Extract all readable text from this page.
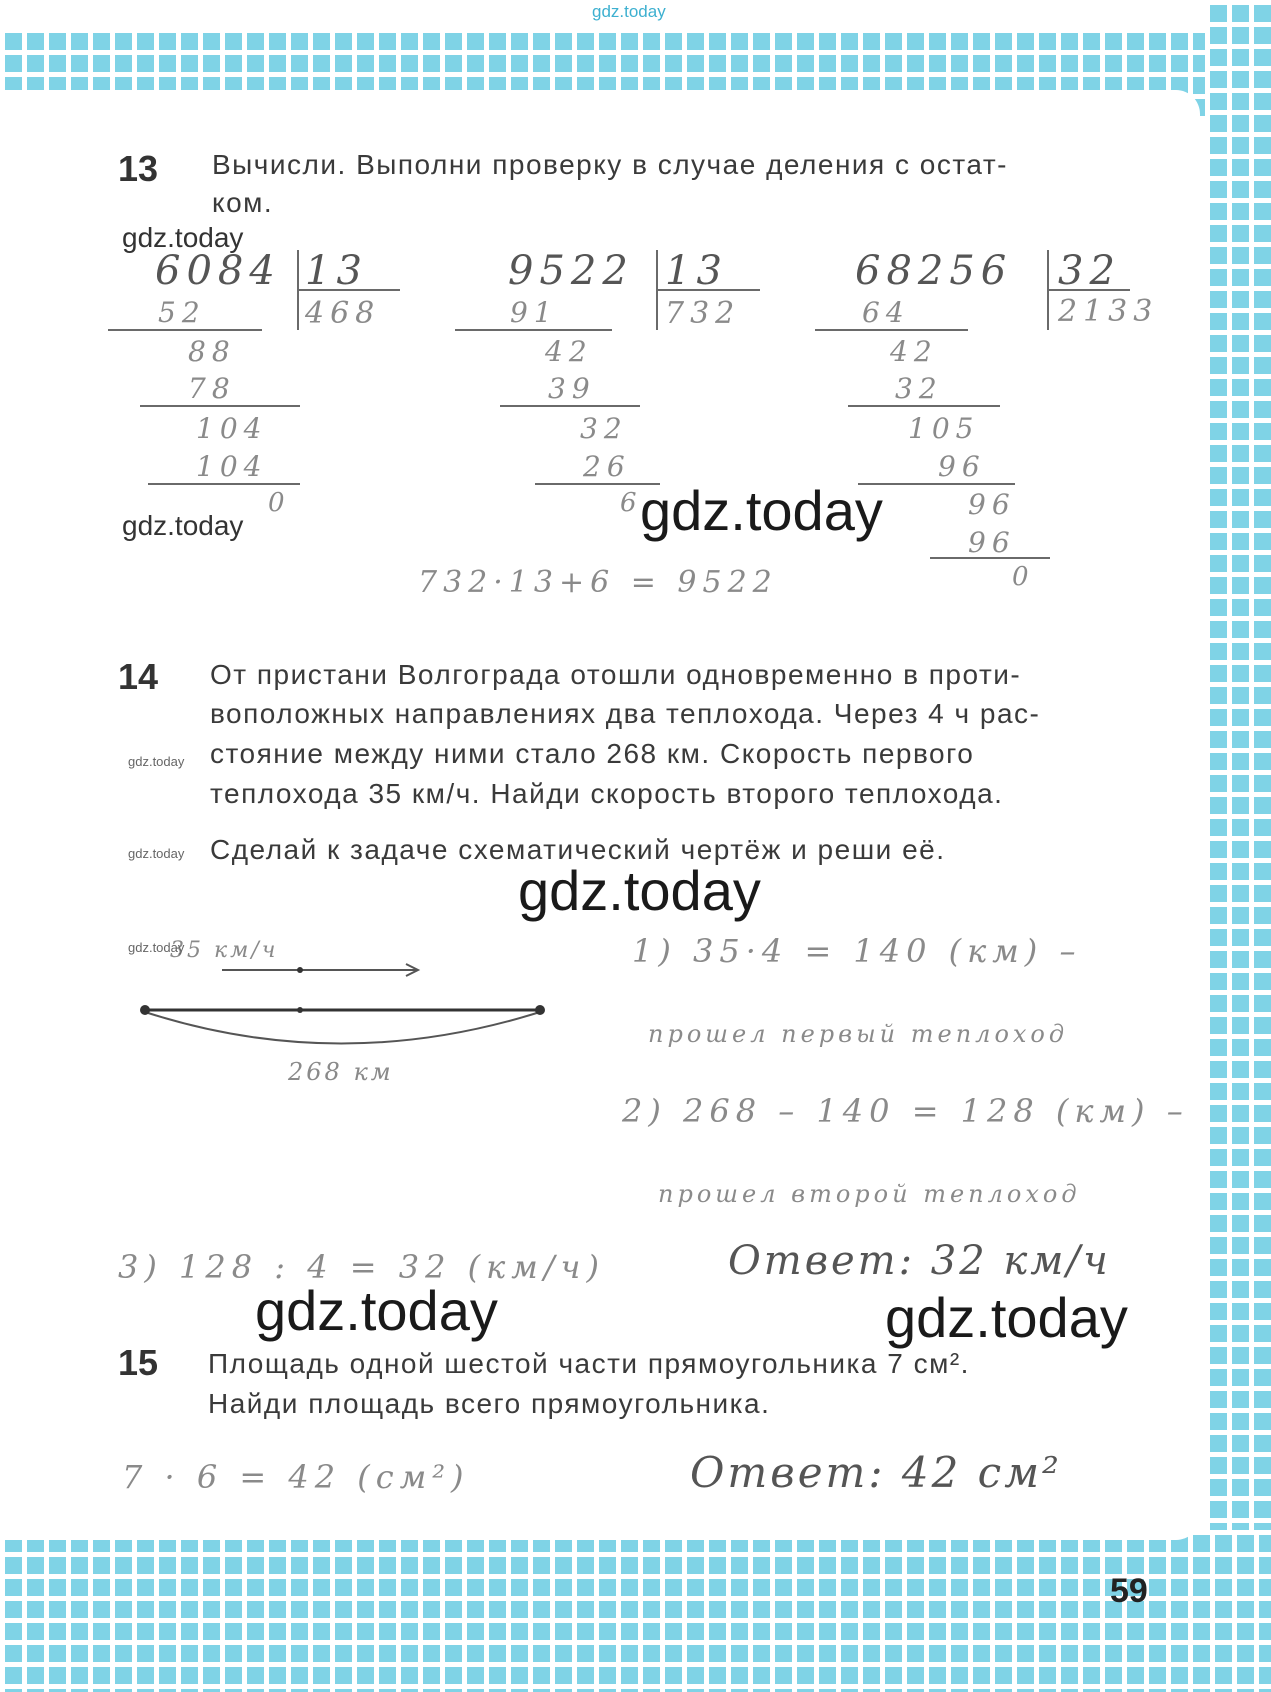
gdz.today
13 Вычисли. Выполни проверку в случае деления с остат-

ком.

6084 13
468
52
88
78
104
104
0
9522 13
732
91
42
39
32
26
6
68256 32
2133
64
42
32
105
96
96
96
0
732·13+6 = 9522
14 От пристани Волгограда отошли одновременно в проти-

воположных направлениях два теплохода. Через 4 ч рас-

стояние между ними стало 268 км. Скорость первого

теплохода 35 км/ч. Найди скорость второго теплохода.

Сделай к задаче схематический чертёж и реши её.

35 км/ч
268 км
1) 35·4 = 140 (км) –
прошел первый теплоход
2) 268 – 140 = 128 (км) –
прошел второй теплоход
3) 128 : 4 = 32 (км/ч)	Ответ: 32 км/ч
15 Площадь одной шестой части прямоугольника 7 см².

Найди площадь всего прямоугольника.

7 · 6 = 42 (см²)	Ответ: 42 см²
gdz.today
gdz.today	gdz.today
gdz.today
gdz.today	gdz.today
gdz.today
gdz.today
gdz.today
59
